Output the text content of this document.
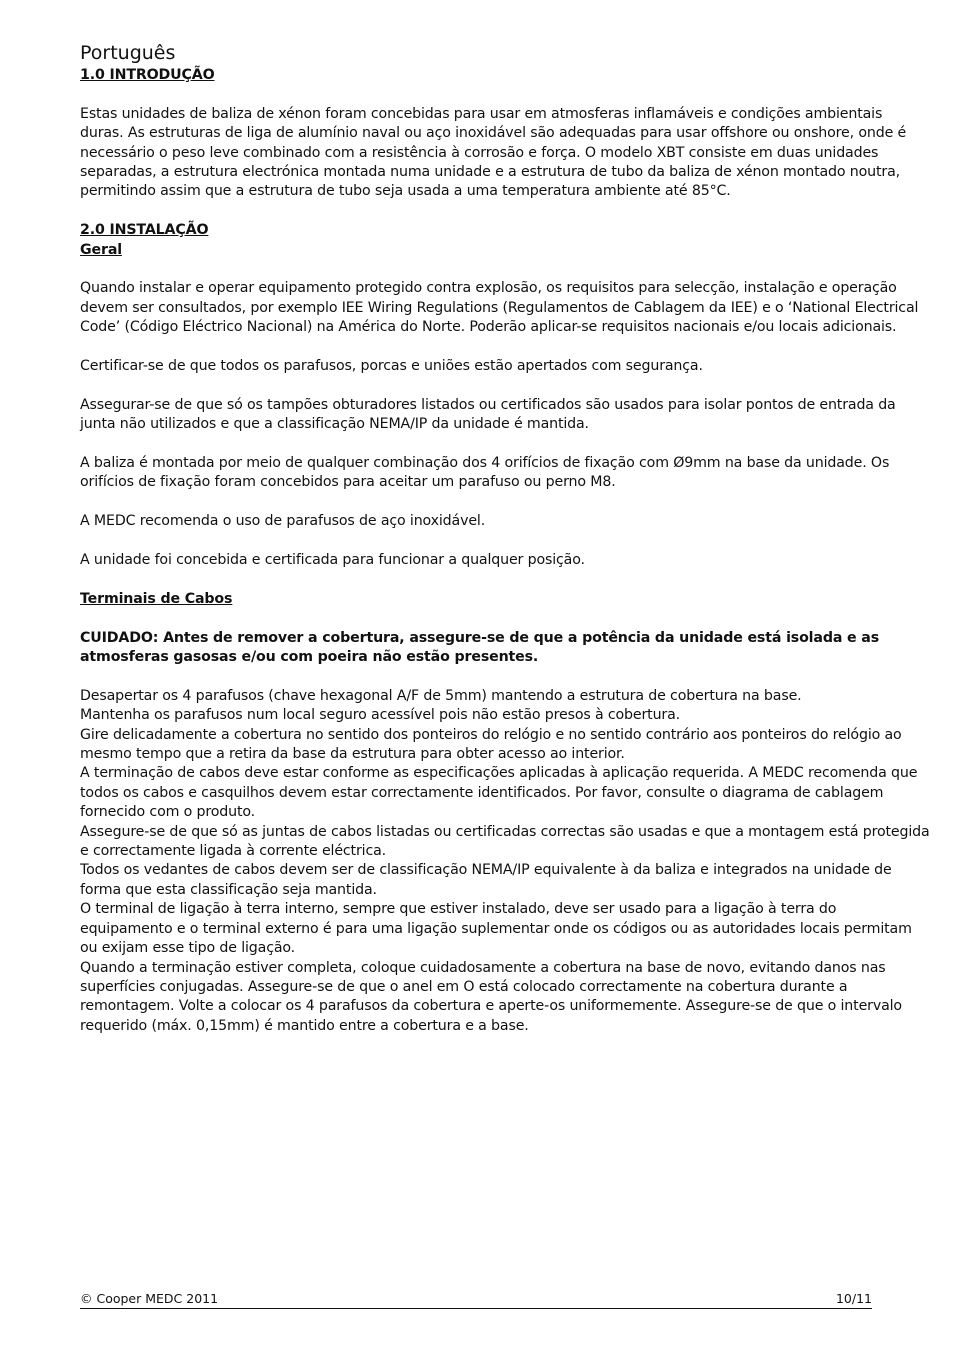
Português
1.0 INTRODUÇÃO

Estas unidades de baliza de xénon foram concebidas para usar em atmosferas inflamáveis e condições ambientais duras. As estruturas de liga de alumínio naval ou aço inoxidável são adequadas para usar offshore ou onshore, onde é necessário o peso leve combinado com a resistência à corrosão e força. O modelo XBT consiste em duas unidades separadas, a estrutura electrónica montada numa unidade e a estrutura de tubo da baliza de xénon montado noutra, permitindo assim que a estrutura de tubo seja usada a uma temperatura ambiente até 85°C.

2.0 INSTALAÇÃO
Geral

Quando instalar e operar equipamento protegido contra explosão, os requisitos para selecção, instalação e operação devem ser consultados, por exemplo IEE Wiring Regulations (Regulamentos de Cablagem da IEE) e o ‘National Electrical Code’ (Código Eléctrico Nacional) na América do Norte. Poderão aplicar-se requisitos nacionais e/ou locais adicionais.

Certificar-se de que todos os parafusos, porcas e uniões estão apertados com segurança.

Assegurar-se de que só os tampões obturadores listados ou certificados são usados para isolar pontos de entrada da junta não utilizados e que a classificação NEMA/IP da unidade é mantida.

A baliza é montada por meio de qualquer combinação dos 4 orifícios de fixação com Ø9mm na base da unidade. Os orifícios de fixação foram concebidos para aceitar um parafuso ou perno M8.

A MEDC recomenda o uso de parafusos de aço inoxidável.

A unidade foi concebida e certificada para funcionar a qualquer posição.

Terminais de Cabos

CUIDADO: Antes de remover a cobertura, assegure-se de que a potência da unidade está isolada e as atmosferas gasosas e/ou com poeira não estão presentes.

Desapertar os 4 parafusos (chave hexagonal A/F de 5mm) mantendo a estrutura de cobertura na base.

Mantenha os parafusos num local seguro acessível pois não estão presos à cobertura.

Gire delicadamente a cobertura no sentido dos ponteiros do relógio e no sentido contrário aos ponteiros do relógio ao mesmo tempo que a retira da base da estrutura para obter acesso ao interior.

A terminação de cabos deve estar conforme as especificações aplicadas à aplicação requerida. A MEDC recomenda que todos os cabos e casquilhos devem estar correctamente identificados. Por favor, consulte o diagrama de cablagem fornecido com o produto.

Assegure-se de que só as juntas de cabos listadas ou certificadas correctas são usadas e que a montagem está protegida e correctamente ligada à corrente eléctrica.

Todos os vedantes de cabos devem ser de classificação NEMA/IP equivalente à da baliza e integrados na unidade de forma que esta classificação seja mantida.

O terminal de ligação à terra interno, sempre que estiver instalado, deve ser usado para a ligação à terra do equipamento e o terminal externo é para uma ligação suplementar onde os códigos ou as autoridades locais permitam ou exijam esse tipo de ligação.

Quando a terminação estiver completa, coloque cuidadosamente a cobertura na base de novo, evitando danos nas superfícies conjugadas. Assegure-se de que o anel em O está colocado correctamente na cobertura durante a remontagem. Volte a colocar os 4 parafusos da cobertura e aperte-os uniformemente. Assegure-se de que o intervalo requerido (máx. 0,15mm) é mantido entre a cobertura e a base.

© Cooper MEDC 2011	10/11
